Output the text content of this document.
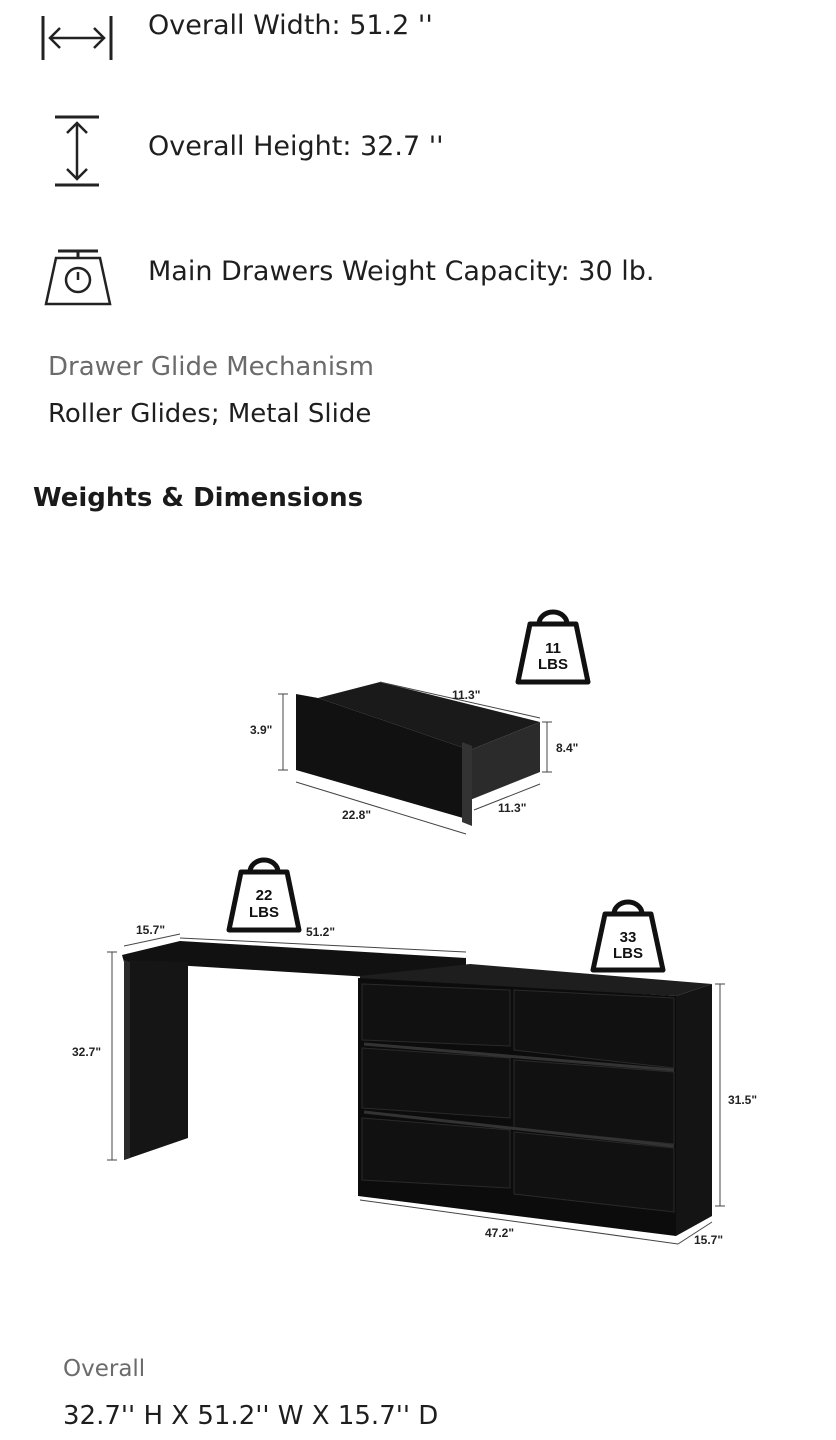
Overall Width: 51.2 ''
Overall Height: 32.7 ''
Main Drawers Weight Capacity: 30 lb.
Drawer Glide Mechanism
Roller Glides; Metal Slide
Weights & Dimensions
3.9"
11.3"
8.4"
22.8"	11.3"
11
LBS
15.7"	51.2"
32.7"
22
LBS
31.5"
47.2"	15.7"
33
LBS
Overall
32.7'' H X 51.2'' W X 15.7'' D
